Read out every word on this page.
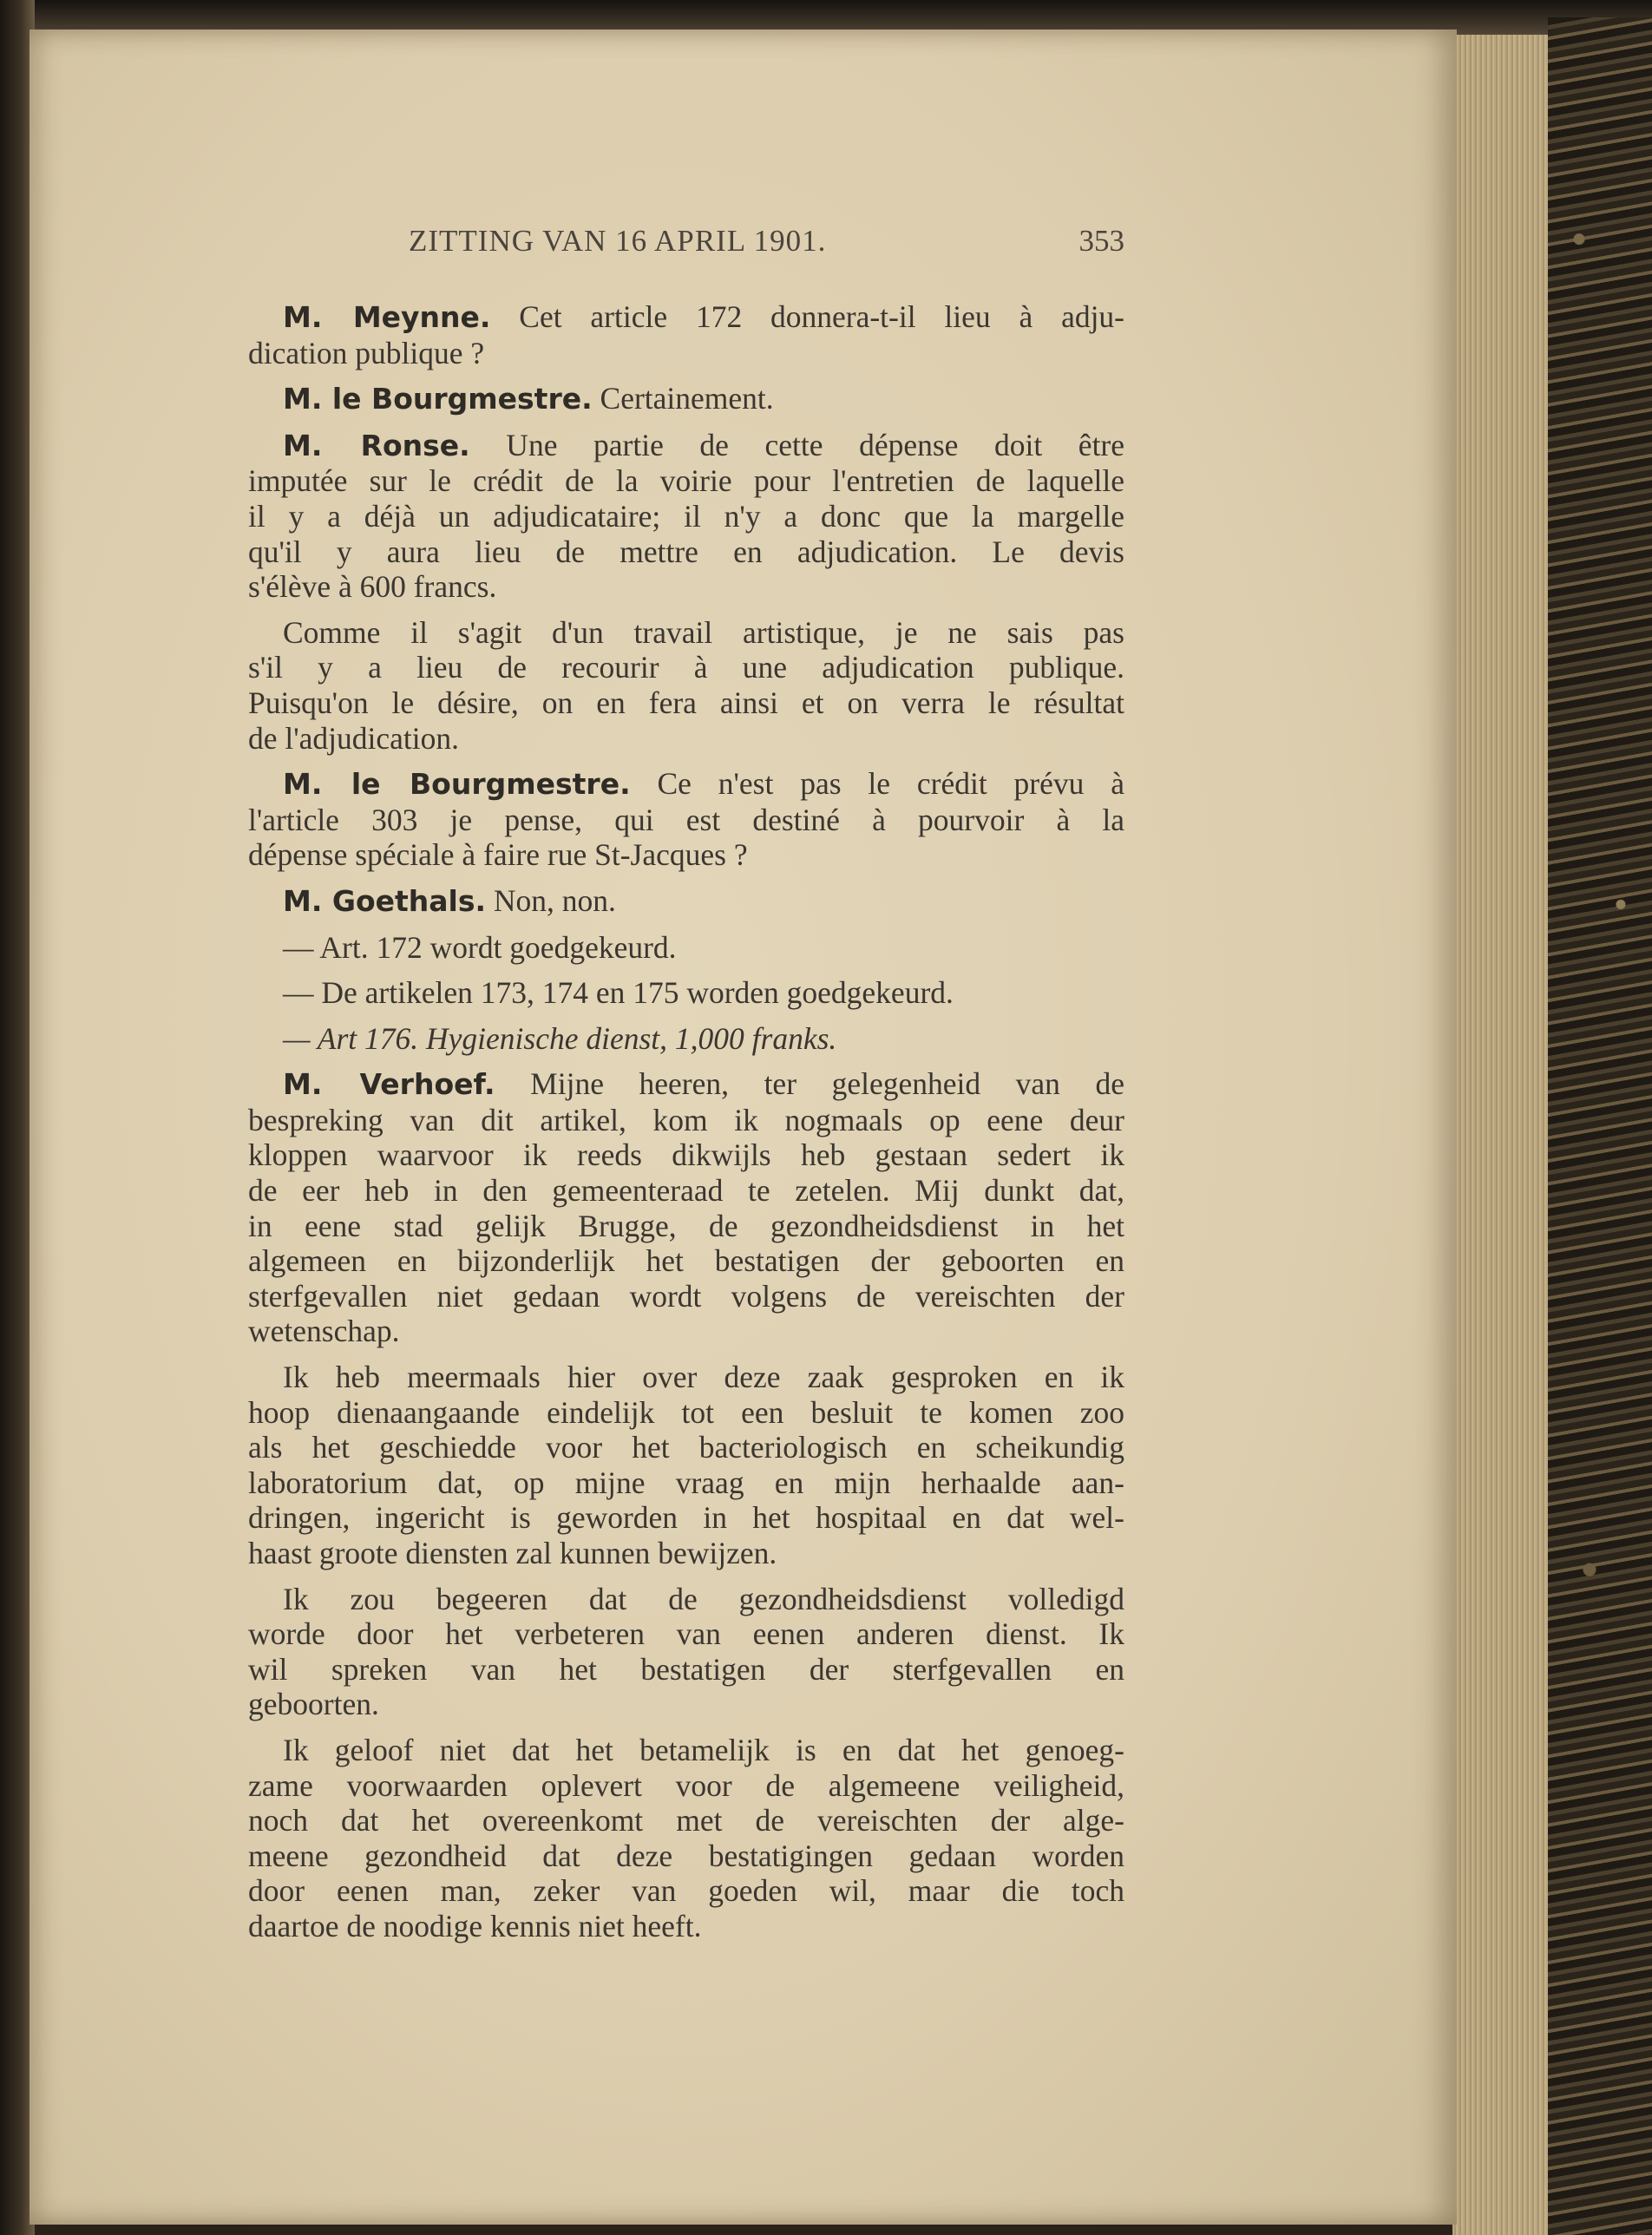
ZITTING VAN 16 APRIL 1901.	353
M. Meynne. Cet article 172 donnera-t-il lieu à adju-
dication publique ?
M. le Bourgmestre. Certainement.
M. Ronse. Une partie de cette dépense doit être
imputée sur le crédit de la voirie pour l'entretien de laquelle
il y a déjà un adjudicataire; il n'y a donc que la margelle
qu'il y aura lieu de mettre en adjudication. Le devis
s'élève à 600 francs.
Comme il s'agit d'un travail artistique, je ne sais pas
s'il y a lieu de recourir à une adjudication publique.
Puisqu'on le désire, on en fera ainsi et on verra le résultat
de l'adjudication.
M. le Bourgmestre. Ce n'est pas le crédit prévu à
l'article 303 je pense, qui est destiné à pourvoir à la
dépense spéciale à faire rue St-Jacques ?
M. Goethals. Non, non.
— Art. 172 wordt goedgekeurd.
— De artikelen 173, 174 en 175 worden goedgekeurd.
— Art 176. Hygienische dienst, 1,000 franks.
M. Verhoef. Mijne heeren, ter gelegenheid van de
bespreking van dit artikel, kom ik nogmaals op eene deur
kloppen waarvoor ik reeds dikwijls heb gestaan sedert ik
de eer heb in den gemeenteraad te zetelen. Mij dunkt dat,
in eene stad gelijk Brugge, de gezondheidsdienst in het
algemeen en bijzonderlijk het bestatigen der geboorten en
sterfgevallen niet gedaan wordt volgens de vereischten der
wetenschap.
Ik heb meermaals hier over deze zaak gesproken en ik
hoop dienaangaande eindelijk tot een besluit te komen zoo
als het geschiedde voor het bacteriologisch en scheikundig
laboratorium dat, op mijne vraag en mijn herhaalde aan-
dringen, ingericht is geworden in het hospitaal en dat wel-
haast groote diensten zal kunnen bewijzen.
Ik zou begeeren dat de gezondheidsdienst volledigd
worde door het verbeteren van eenen anderen dienst. Ik
wil spreken van het bestatigen der sterfgevallen en
geboorten.
Ik geloof niet dat het betamelijk is en dat het genoeg-
zame voorwaarden oplevert voor de algemeene veiligheid,
noch dat het overeenkomt met de vereischten der alge-
meene gezondheid dat deze bestatigingen gedaan worden
door eenen man, zeker van goeden wil, maar die toch
daartoe de noodige kennis niet heeft.
